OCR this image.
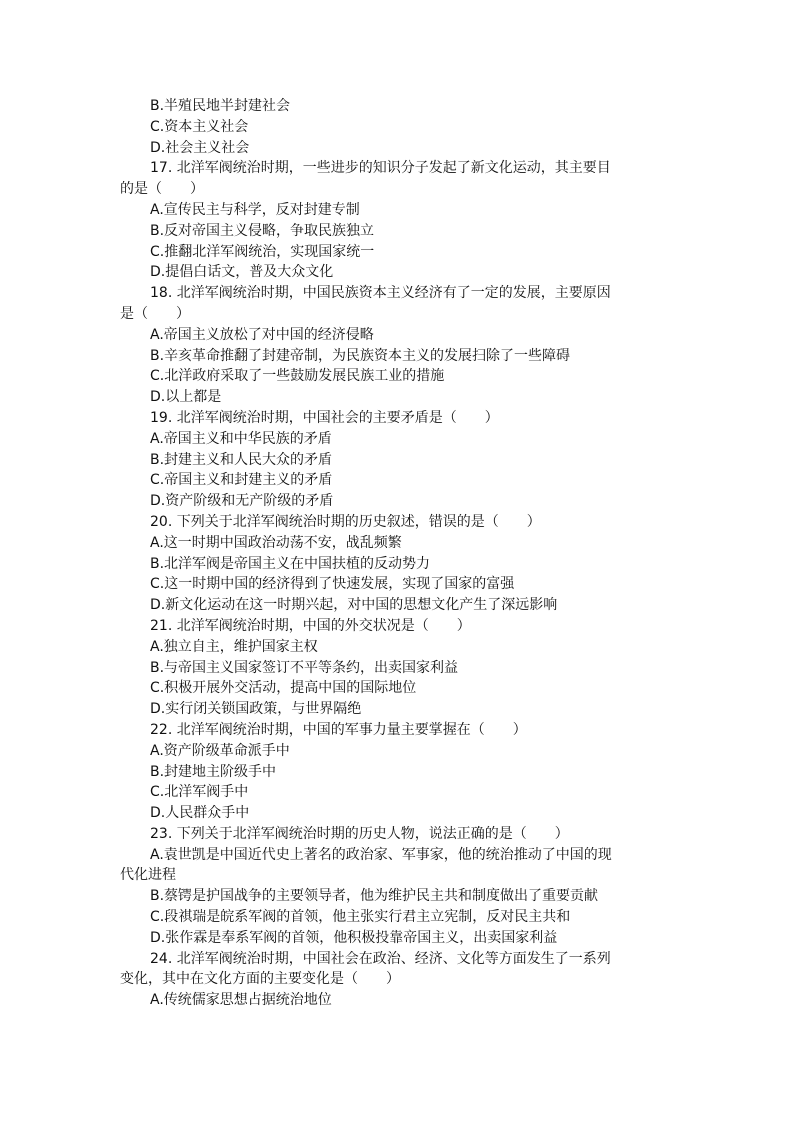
B.半殖民地半封建社会
C.资本主义社会
D.社会主义社会
17. 北洋军阀统治时期，一些进步的知识分子发起了新文化运动，其主要目
的是（　　）
A.宣传民主与科学，反对封建专制
B.反对帝国主义侵略，争取民族独立
C.推翻北洋军阀统治，实现国家统一
D.提倡白话文，普及大众文化
18. 北洋军阀统治时期，中国民族资本主义经济有了一定的发展，主要原因
是（　　）
A.帝国主义放松了对中国的经济侵略
B.辛亥革命推翻了封建帝制，为民族资本主义的发展扫除了一些障碍
C.北洋政府采取了一些鼓励发展民族工业的措施
D.以上都是
19. 北洋军阀统治时期，中国社会的主要矛盾是（　　）
A.帝国主义和中华民族的矛盾
B.封建主义和人民大众的矛盾
C.帝国主义和封建主义的矛盾
D.资产阶级和无产阶级的矛盾
20. 下列关于北洋军阀统治时期的历史叙述，错误的是（　　）
A.这一时期中国政治动荡不安，战乱频繁
B.北洋军阀是帝国主义在中国扶植的反动势力
C.这一时期中国的经济得到了快速发展，实现了国家的富强
D.新文化运动在这一时期兴起，对中国的思想文化产生了深远影响
21. 北洋军阀统治时期，中国的外交状况是（　　）
A.独立自主，维护国家主权
B.与帝国主义国家签订不平等条约，出卖国家利益
C.积极开展外交活动，提高中国的国际地位
D.实行闭关锁国政策，与世界隔绝
22. 北洋军阀统治时期，中国的军事力量主要掌握在（　　）
A.资产阶级革命派手中
B.封建地主阶级手中
C.北洋军阀手中
D.人民群众手中
23. 下列关于北洋军阀统治时期的历史人物，说法正确的是（　　）
A.袁世凯是中国近代史上著名的政治家、军事家，他的统治推动了中国的现
代化进程
B.蔡锷是护国战争的主要领导者，他为维护民主共和制度做出了重要贡献
C.段祺瑞是皖系军阀的首领，他主张实行君主立宪制，反对民主共和
D.张作霖是奉系军阀的首领，他积极投靠帝国主义，出卖国家利益
24. 北洋军阀统治时期，中国社会在政治、经济、文化等方面发生了一系列
变化，其中在文化方面的主要变化是（　　）
A.传统儒家思想占据统治地位
